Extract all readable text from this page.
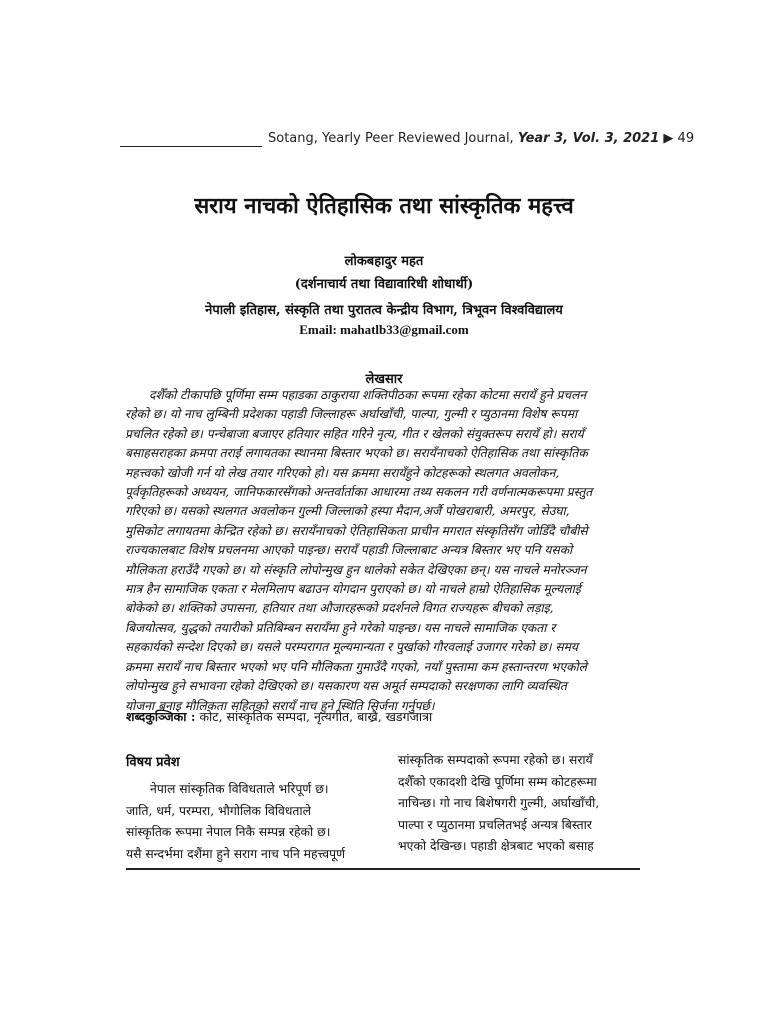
Sotang, Yearly Peer Reviewed Journal, Year 3, Vol. 3, 2021 ▶ 49
सराय नाचको ऐतिहासिक तथा सांस्कृतिक महत्त्व
लोकबहादुर महत
(दर्शनाचार्य तथा विद्यावारिधी शोधार्थी)
नेपाली इतिहास, संस्कृति तथा पुरातत्व केन्द्रीय विभाग, त्रिभूवन विश्वविद्यालय
Email: mahatlb33@gmail.com
लेखसार

दशैँको टीकापछि पूर्णिमा सम्म पहाडका ठाकुराया शक्तिपीठका रूपमा रहेका कोटमा सरायँ हुने प्रचलन
रहेको छ। यो नाच लुम्बिनी प्रदेशका पहाडी जिल्लाहरू अर्घाखाँची, पाल्पा, गुल्मी र प्युठानमा विशेष रूपमा
प्रचलित रहेको छ। पन्चेबाजा बजाएर हतियार सहित गरिने नृत्य, गीत र खेलको संयुक्तरूप सरायँ हो। सरायँ
बसाहसराहका क्रमपा तराई लगायतका स्थानमा बिस्तार भएको छ। सरायँनाचको ऐतिहासिक तथा सांस्कृतिक
महत्त्वको खोजी गर्न यो लेख तयार गरिएको हो। यस क्रममा सरायँहुने कोटहरूको स्थलगत अवलोकन,
पूर्वकृतिहरूको अध्ययन, जानिफकारसँगको अन्तर्वार्ताका आधारमा तथ्य सकलन गरी वर्णनात्मकरूपमा प्रस्तुत
गरिएको छ। यसको स्थलगत अवलोकन गुल्मी जिल्लाको हस्पा मैदान,अर्जै पोखराबारी, अमरपुर, सेउघा,
मुसिकोट लगायतमा केन्द्रित रहेको छ। सरायँनाचको ऐतिहासिकता प्राचीन मगरात संस्कृतिसँग जोडिँदै चौबीसे
राज्यकालबाट विशेष प्रचलनमा आएको पाइन्छ। सरायँ पहाडी जिल्लाबाट अन्यत्र बिस्तार भए पनि यसको
मौलिकता हराउँदै गएको छ। यो संस्कृति लोपोन्मुख हुन थालेको सकेत देखिएका छन्। यस नाचले मनोरञ्जन
मात्र हैन सामाजिक एकता र मेलमिलाप बढाउन योगदान पुराएको छ। यो नाचले हाम्रो ऐतिहासिक मूल्यलाई
बोकेको छ। शक्तिको उपासना, हतियार तथा औजारहरूको प्रदर्शनले विगत राज्यहरू बीचको लड़ाइ,
बिजयोत्सव, युद्धको तयारीको प्रतिबिम्बन सरायँमा हुने गरेको पाइन्छ। यस नाचले सामाजिक एकता र
सहकार्यको सन्देश दिएको छ। यसले परम्परागत मूल्यमान्यता र पुर्खाको गौरवलाई उजागर गरेको छ। समय
क्रममा सरायँ नाच बिस्तार भएको भए पनि मौलिकता गुमाउँदै गएको, नयाँ पुस्तामा कम हस्तान्तरण भएकोले
लोपोन्मुख हुने सभावना रहेको देखिएको छ। यसकारण यस अमूर्त सम्पदाको सरक्षणका लागि व्यवस्थित
योजना बनाइ मौलिकता सहितको सरायँ नाच हुने स्थिति सिर्जना गर्नुपर्छ।

शब्दकुञ्जिका : कोट, सांस्कृतिक सम्पदा, नृत्यगीत, बाख्रै, खडगजात्रा
विषय प्रवेश
नेपाल सांस्कृतिक विविधताले भरिपूर्ण छ।
जाति, धर्म, परम्परा, भौगोलिक विविधताले
सांस्कृतिक रूपमा नेपाल निकै सम्पन्न रहेको छ।
यसै सन्दर्भमा दशैंमा हुने सराग नाच पनि महत्त्वपूर्ण
सांस्कृतिक सम्पदाको रूपमा रहेको छ। सरायँ
दशैँको एकादशी देखि पूर्णिमा सम्म कोटहरूमा
नाचिन्छ। गो नाच बिशेषगरी गुल्मी, अर्घाखाँची,
पाल्पा र प्युठानमा प्रचलितभई अन्यत्र बिस्तार
भएको देखिन्छ। पहाडी क्षेत्रबाट भएको बसाह
